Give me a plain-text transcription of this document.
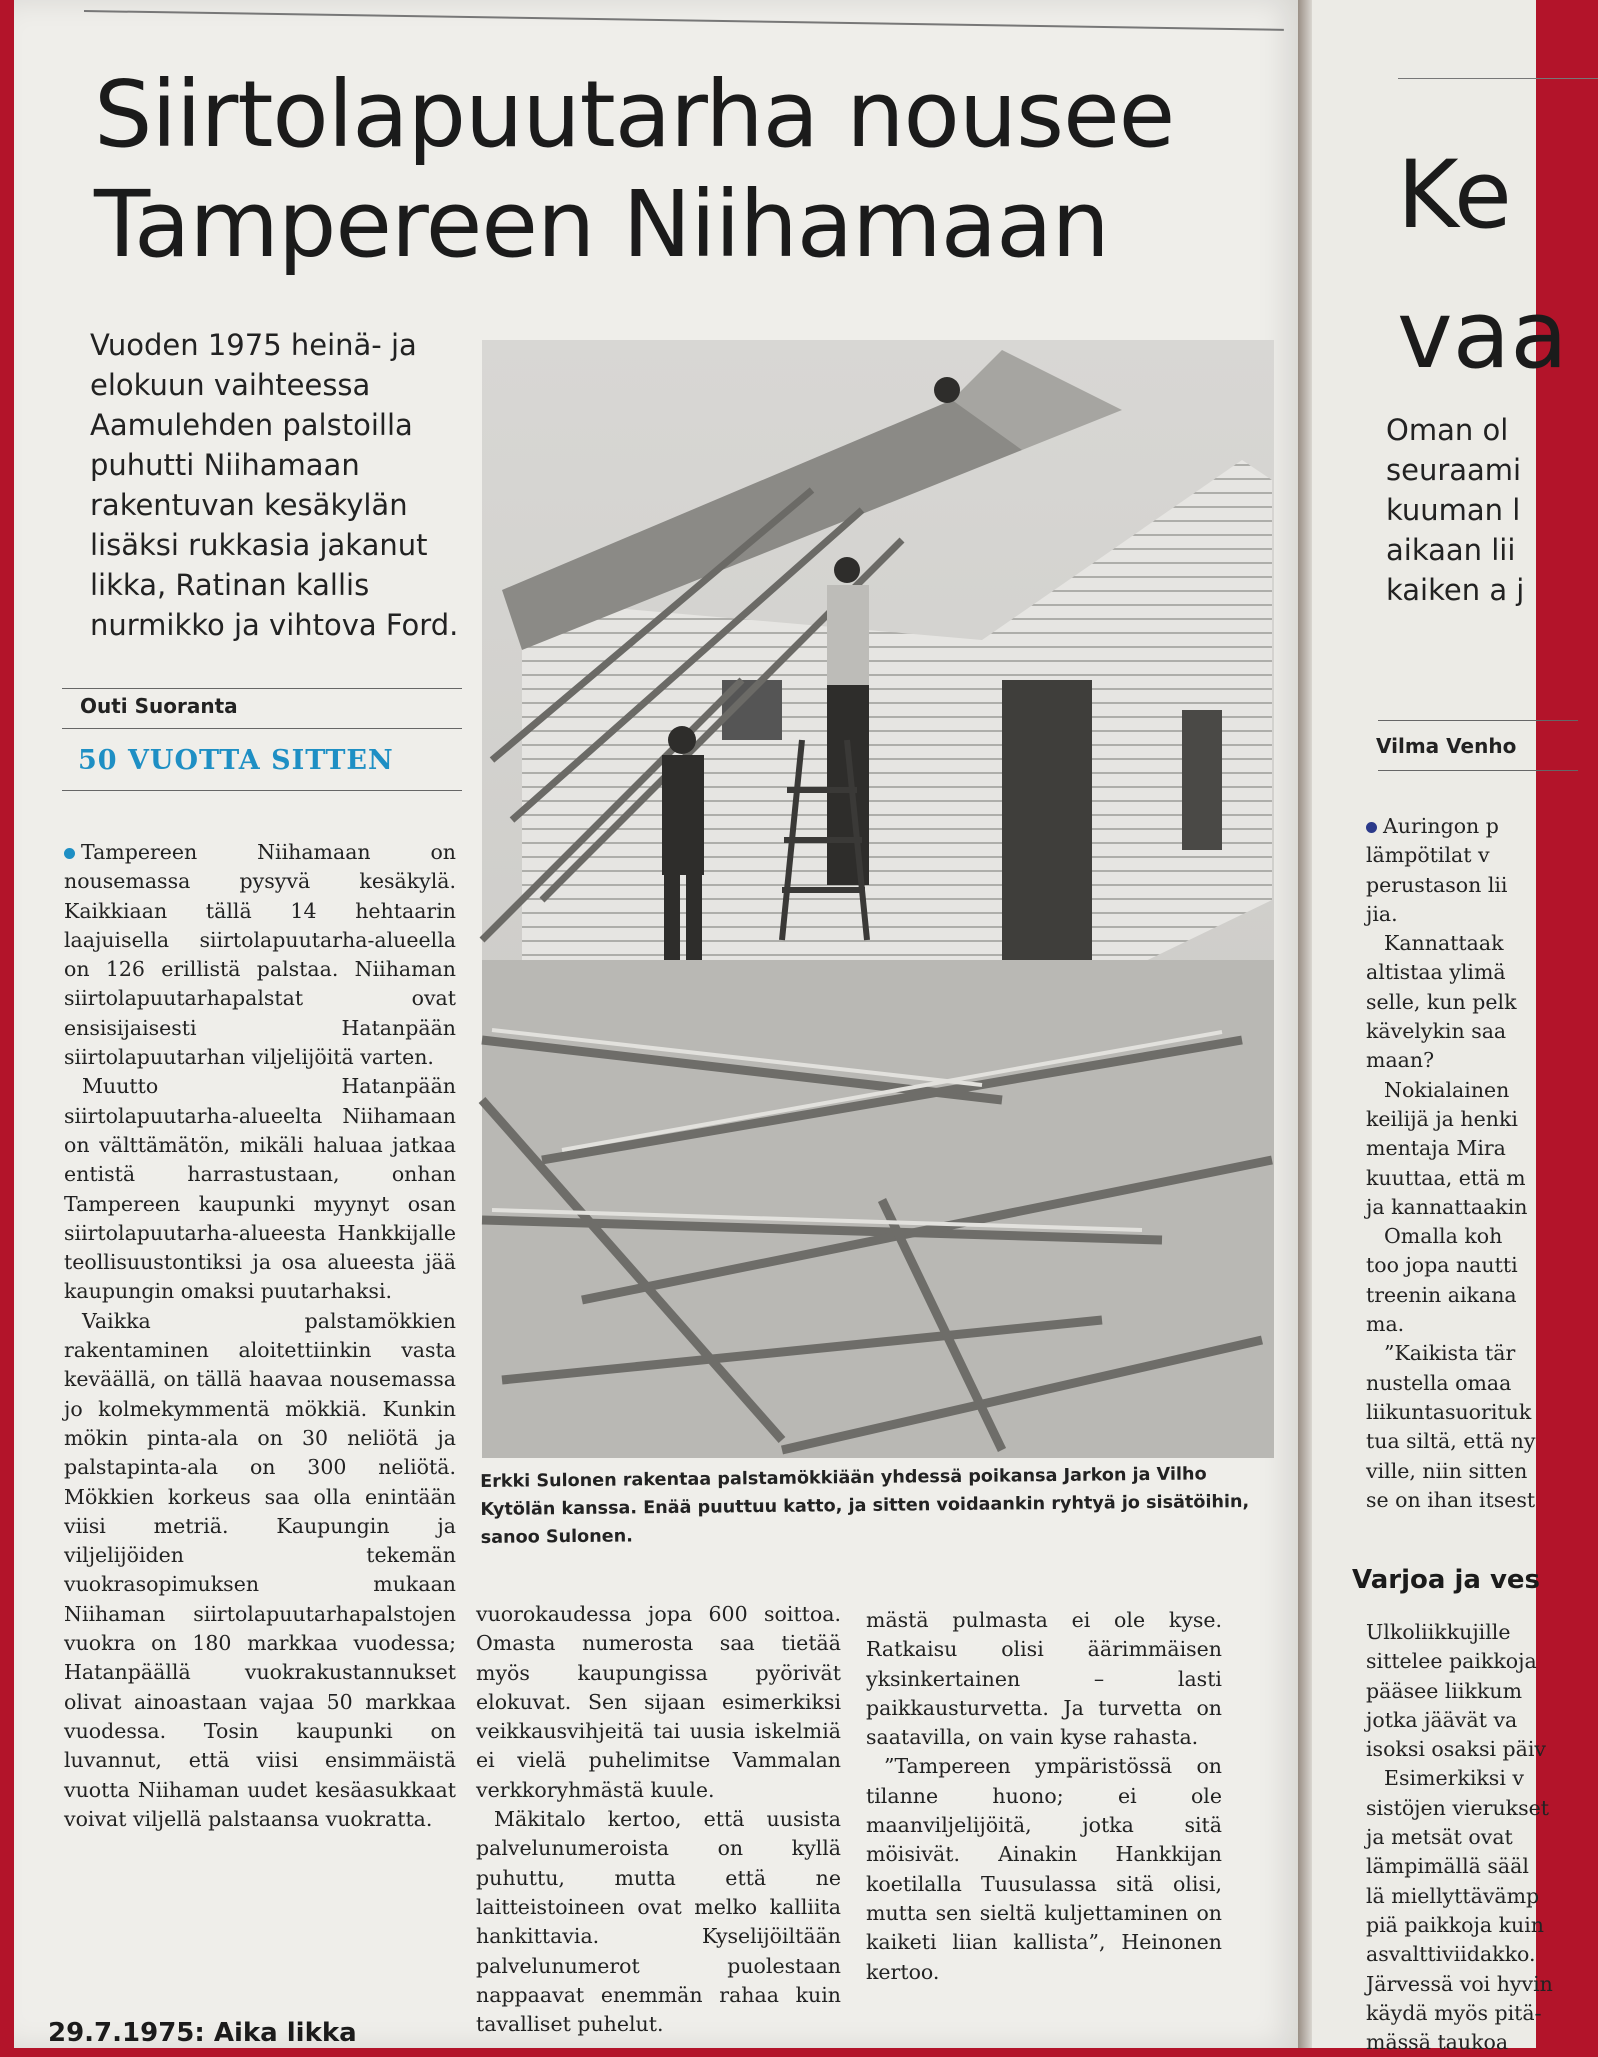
Siirtolapuutarha nousee
Tampereen Niihamaan
Vuoden 1975 heinä- ja elokuun vaihteessa Aamulehden palstoilla puhutti Niihamaan rakentuvan kesäkylän lisäksi rukkasia jakanut likka, Ratinan kallis nurmikko ja vihtova Ford.
Outi Suoranta
50 VUOTTA SITTEN

Tampereen Niihamaan on nousemassa pysyvä kesäkylä. Kaikkiaan tällä 14 hehtaarin laajuisella siirtolapuutarha-alueella on 126 erillistä palstaa. Niihaman siirtolapuutarhapalstat ovat ensisijaisesti Hatanpään siirtolapuutarhan viljelijöitä varten.

Muutto Hatanpään siirtolapuutarha-alueelta Niihamaan on välttämätön, mikäli haluaa jatkaa entistä harrastustaan, onhan Tampereen kaupunki myynyt osan siirtolapuutarha-alueesta Hankkijalle teollisuustontiksi ja osa alueesta jää kaupungin omaksi puutarhaksi.

Vaikka palstamökkien rakentaminen aloitettiinkin vasta keväällä, on tällä haavaa nousemassa jo kolmekymmentä mökkiä. Kunkin mökin pinta-ala on 30 neliötä ja palstapinta-ala on 300 neliötä. Mökkien korkeus saa olla enintään viisi metriä. Kaupungin ja viljelijöiden tekemän vuokrasopimuksen mukaan Niihaman siirtolapuutarhapalstojen vuokra on 180 markkaa vuodessa; Hatanpäällä vuokrakustannukset olivat ainoastaan vajaa 50 markkaa vuodessa. Tosin kaupunki on luvannut, että viisi ensimmäistä vuotta Niihaman uudet kesäasukkaat voivat viljellä palstaansa vuokratta.

29.7.1975: Aika likka
Erkki Sulonen rakentaa palstamökkiään yhdessä poikansa Jarkon ja Vilho Kytölän kanssa. Enää puuttuu katto, ja sitten voidaankin ryhtyä jo sisätöihin, sanoo Sulonen.

vuorokaudessa jopa 600 soittoa. Omasta numerosta saa tietää myös kaupungissa pyörivät elokuvat. Sen sijaan esimerkiksi veikkausvihjeitä tai uusia iskelmiä ei vielä puhelimitse Vammalan verkkoryhmästä kuule.

Mäkitalo kertoo, että uusista palvelunumeroista on kyllä puhuttu, mutta että ne laitteistoineen ovat melko kalliita hankittavia. Kyselijöiltään palvelunumerot puolestaan nappaavat enemmän rahaa kuin tavalliset puhelut.

mästä pulmasta ei ole kyse. Ratkaisu olisi äärimmäisen yksinkertainen – lasti paikkausturvetta. Ja turvetta on saatavilla, on vain kyse rahasta.

”Tampereen ympäristössä on tilanne huono; ei ole maanviljelijöitä, jotka sitä möisivät. Ainakin Hankkijan koetilalla Tuusulassa sitä olisi, mutta sen sieltä kuljettaminen on kaiketi liian kallista”, Heinonen kertoo.

Ke
vaa
Oman ol
seuraami
kuuman l
aikaan lii
kaiken a j
Vilma Venho
Auringon p
lämpötilat v
perustason lii
jia.
Kannattaak
altistaa ylimä
selle, kun pelk
kävelykin saa
maan?
Nokialainen
keilijä ja henki
mentaja Mira
kuuttaa, että m
ja kannattaakin
Omalla koh
too jopa nautti
treenin aikana
ma.
”Kaikista tär
nustella omaa
liikuntasuorituk
tua siltä, että ny
ville, niin sitten
se on ihan itsest
Varjoa ja ves
Ulkoliikkujille
sittelee paikkoja
pääsee liikkum
jotka jäävät va
isoksi osaksi päiv
Esimerkiksi v
sistöjen vierukset
ja metsät ovat
lämpimällä sääl
lä miellyttävämp
piä paikkoja kuin
asvalttiviidakko.
Järvessä voi hyvin
käydä myös pitä-
mässä taukoa
